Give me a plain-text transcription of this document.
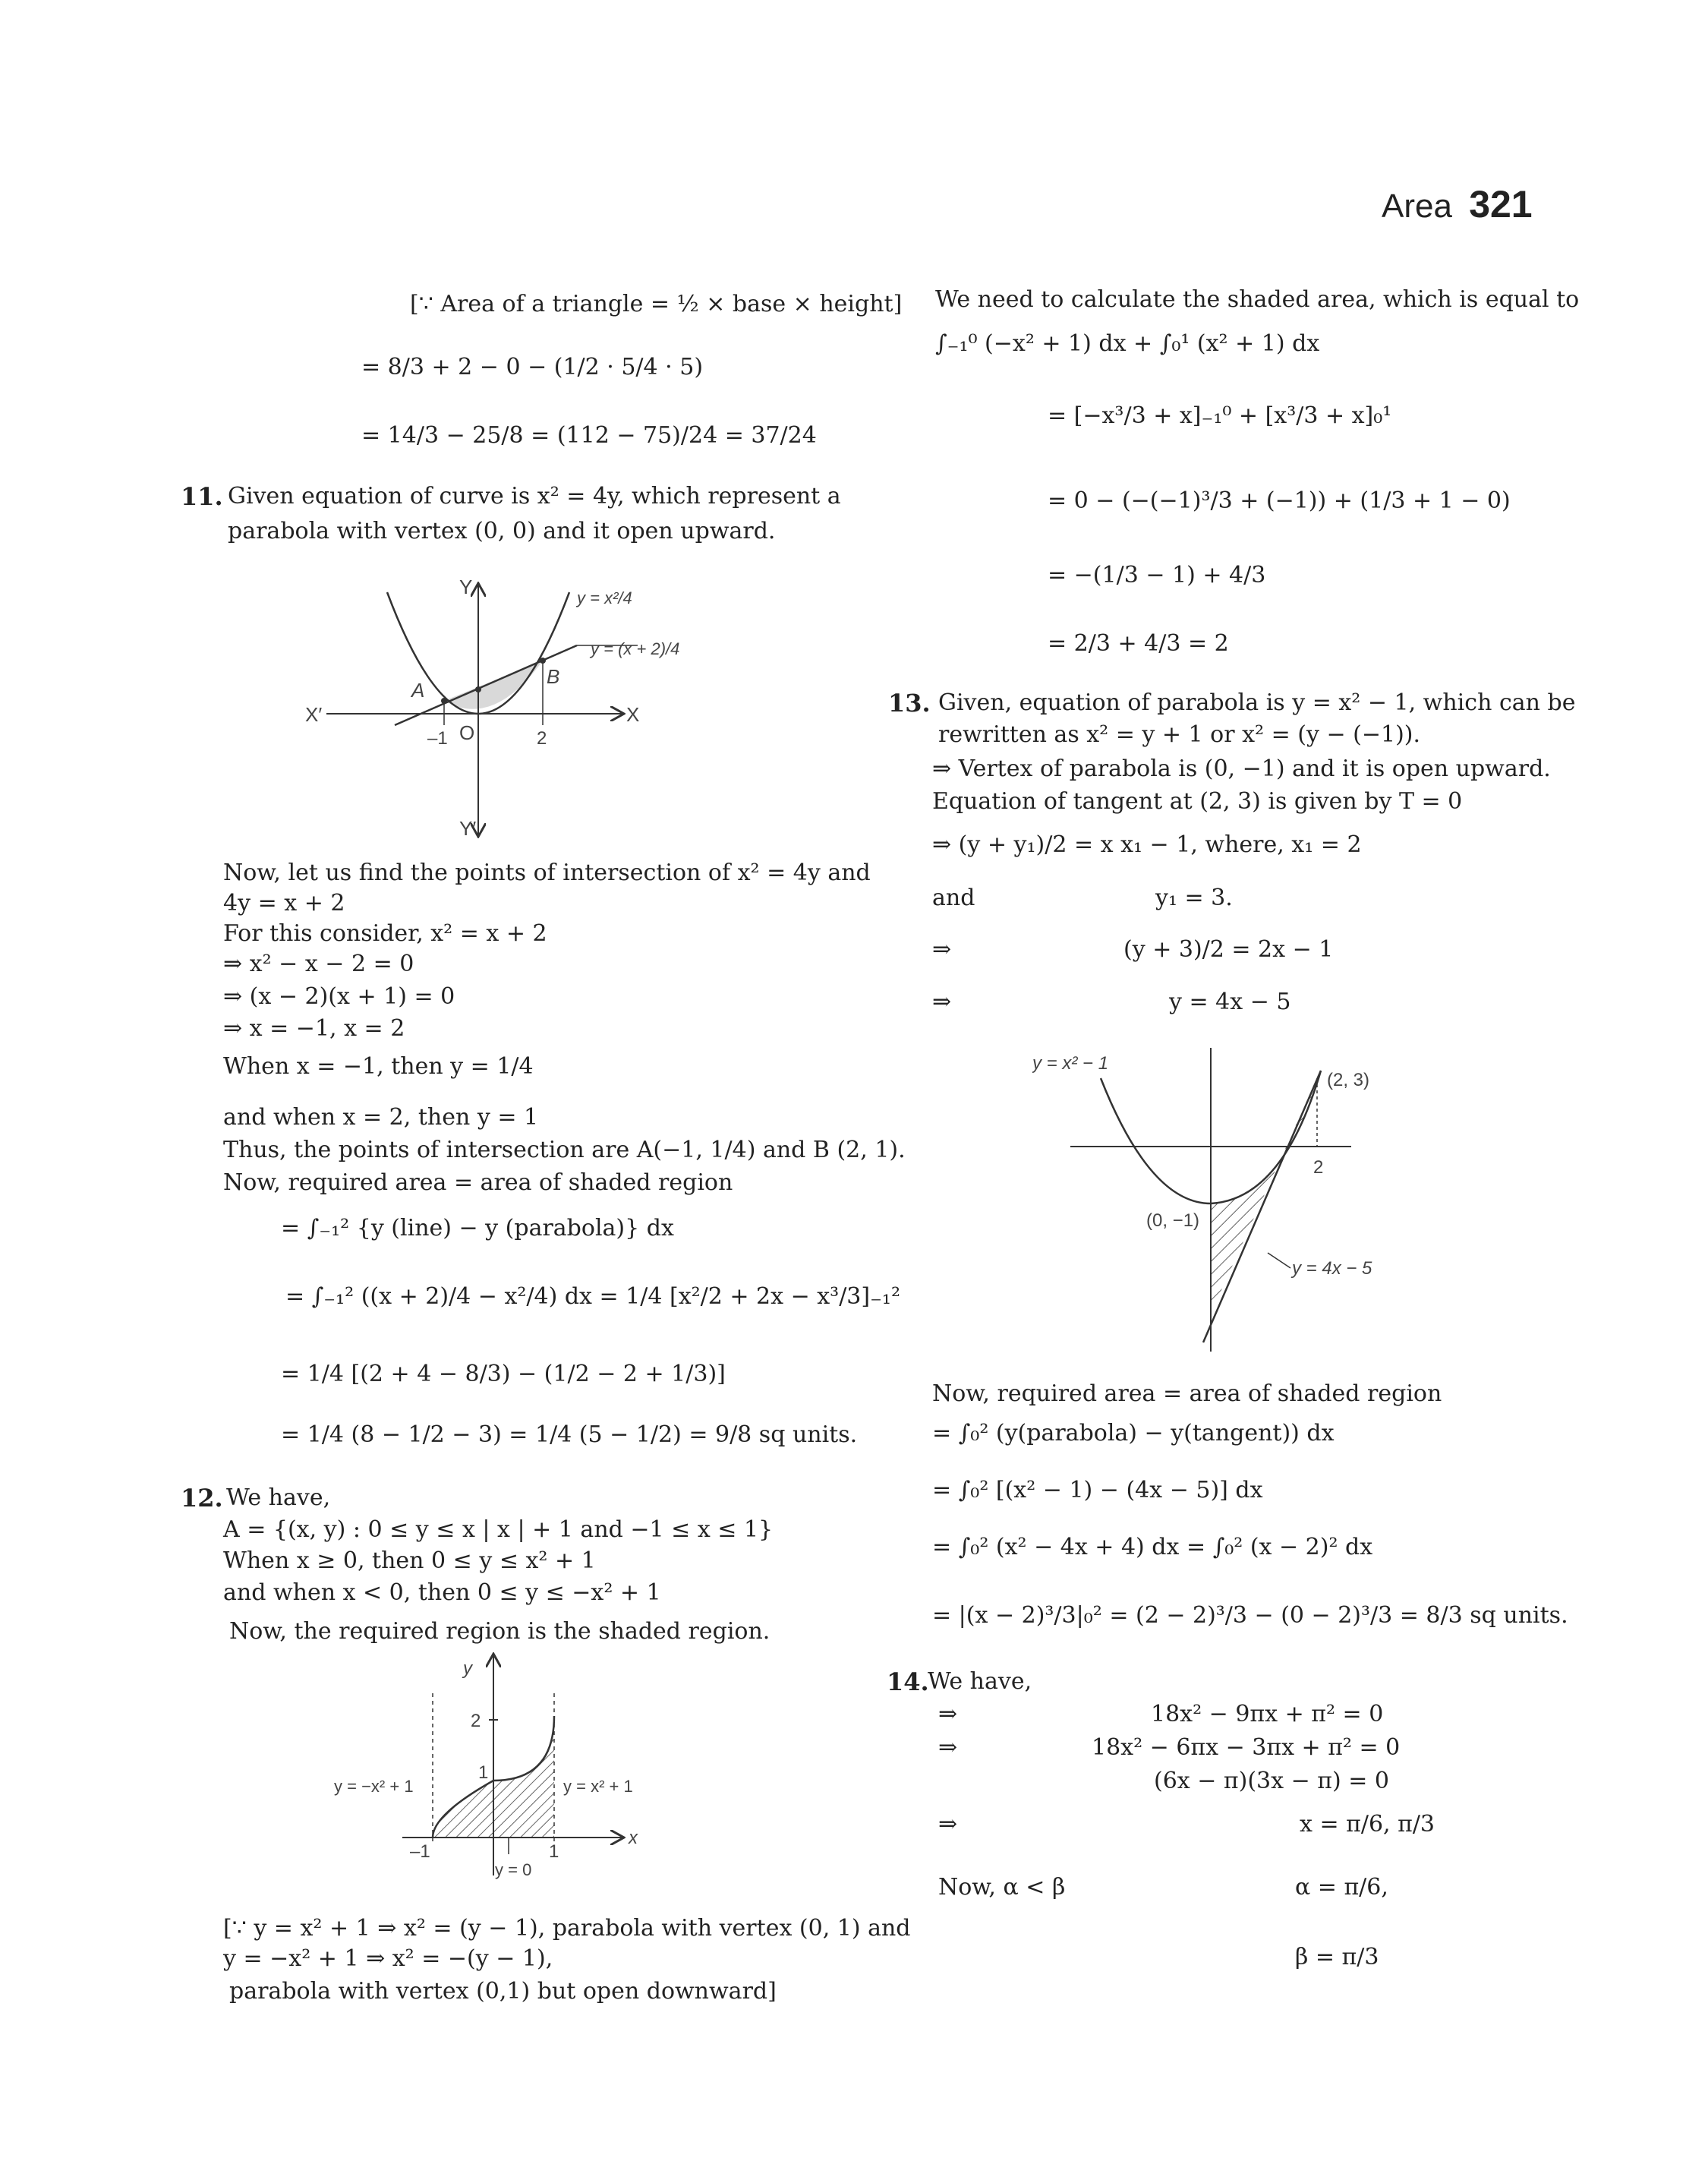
Area 321
[∵ Area of a triangle = ½ × base × height]
= 8/3 + 2 − 0 − (1/2 · 5/4 · 5)
= 14/3 − 25/8 = (112 − 75)/24 = 37/24
11. Given equation of curve is x² = 4y, which represent a
parabola with vertex (0, 0) and it open upward.
Y
Y′
X
X′
A
B
O
–1	2
y = x²/4
y = (x + 2)/4
Now, let us find the points of intersection of x² = 4y and
4y = x + 2
For this consider, x² = x + 2
⇒ x² − x − 2 = 0
⇒ (x − 2)(x + 1) = 0
⇒ x = −1, x = 2
When x = −1, then y = 1/4
and when x = 2, then y = 1
Thus, the points of intersection are A(−1, 1/4) and B (2, 1).
Now, required area = area of shaded region
= ∫₋₁² {y (line) − y (parabola)} dx
= ∫₋₁² ((x + 2)/4 − x²/4) dx = 1/4 [x²/2 + 2x − x³/3]₋₁²
= 1/4 [(2 + 4 − 8/3) − (1/2 − 2 + 1/3)]
= 1/4 (8 − 1/2 − 3) = 1/4 (5 − 1/2) = 9/8 sq units.
12. We have,
A = {(x, y) : 0 ≤ y ≤ x | x | + 1 and −1 ≤ x ≤ 1}
When x ≥ 0, then 0 ≤ y ≤ x² + 1
and when x < 0, then 0 ≤ y ≤ −x² + 1
Now, the required region is the shaded region.
y
x
2
1
–1	1
y = −x² + 1	y = x² + 1
y = 0
[∵ y = x² + 1 ⇒ x² = (y − 1), parabola with vertex (0, 1) and
y = −x² + 1 ⇒ x² = −(y − 1),
parabola with vertex (0,1) but open downward]
We need to calculate the shaded area, which is equal to
∫₋₁⁰ (−x² + 1) dx + ∫₀¹ (x² + 1) dx
= [−x³/3 + x]₋₁⁰ + [x³/3 + x]₀¹
= 0 − (−(−1)³/3 + (−1)) + (1/3 + 1 − 0)
= −(1/3 − 1) + 4/3
= 2/3 + 4/3 = 2
13. Given, equation of parabola is y = x² − 1, which can be
rewritten as x² = y + 1 or x² = (y − (−1)).
⇒ Vertex of parabola is (0, −1) and it is open upward.
Equation of tangent at (2, 3) is given by T = 0
⇒ (y + y₁)/2 = x x₁ − 1, where, x₁ = 2
and	y₁ = 3.
⇒	(y + 3)/2 = 2x − 1
⇒	y = 4x − 5
y = x² − 1
(2, 3)
2
(0, −1)
y = 4x − 5
Now, required area = area of shaded region
= ∫₀² (y(parabola) − y(tangent)) dx
= ∫₀² [(x² − 1) − (4x − 5)] dx
= ∫₀² (x² − 4x + 4) dx = ∫₀² (x − 2)² dx
= |(x − 2)³/3|₀² = (2 − 2)³/3 − (0 − 2)³/3 = 8/3 sq units.
14.
We have,
⇒	18x² − 9πx + π² = 0
⇒	18x² − 6πx − 3πx + π² = 0
(6x − π)(3x − π) = 0
⇒	x = π/6, π/3
Now, α < β	α = π/6,
β = π/3
